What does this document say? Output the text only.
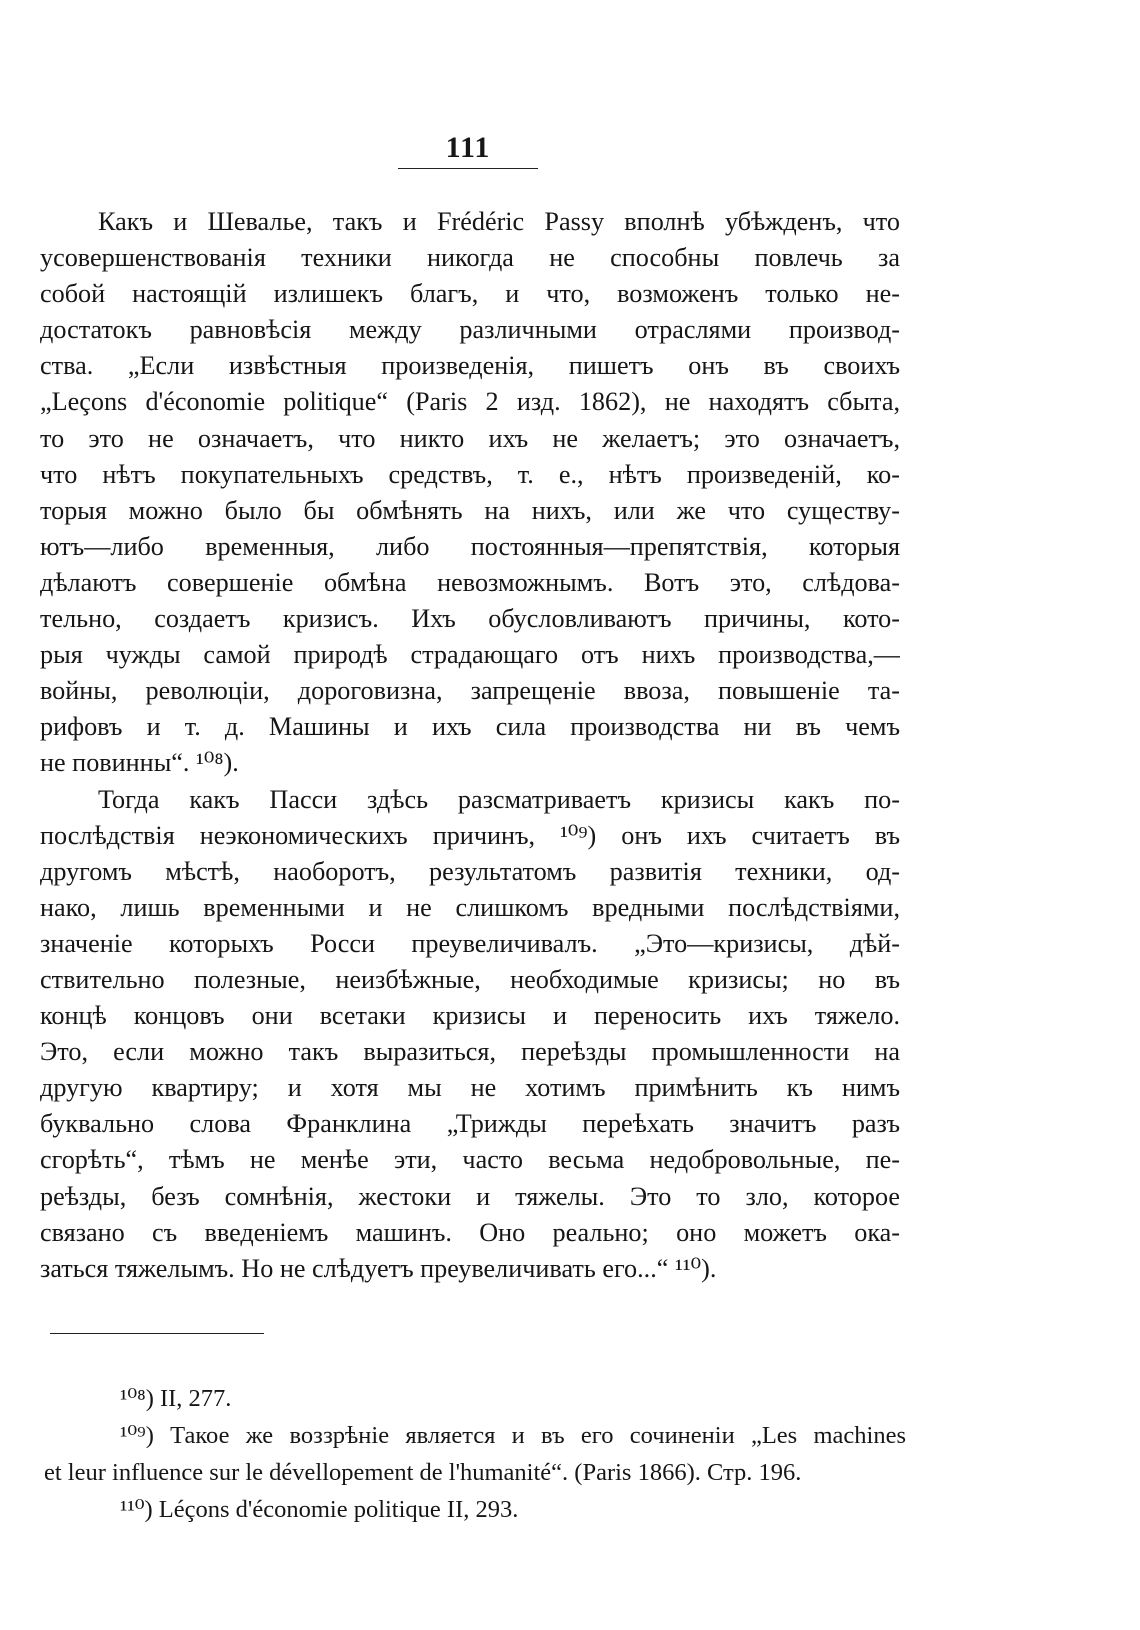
111
Какъ и Шевалье, такъ и Frédéric Passy вполнѣ убѣжденъ, что
усовершенствованія техники никогда не способны повлечь за
собой настоящій излишекъ благъ, и что, возможенъ только не-
достатокъ равновѣсія между различными отраслями производ-
ства. „Если извѣстныя произведенія, пишетъ онъ въ своихъ
„Leçons d'économie politique“ (Paris 2 изд. 1862), не находятъ сбыта,
то это не означаетъ, что никто ихъ не желаетъ; это означаетъ,
что нѣтъ покупательныхъ средствъ, т. е., нѣтъ произведеній, ко-
торыя можно было бы обмѣнять на нихъ, или же что существу-
ютъ—либо временныя, либо постоянныя—препятствія, которыя
дѣлаютъ совершеніе обмѣна невозможнымъ. Вотъ это, слѣдова-
тельно, создаетъ кризисъ. Ихъ обусловливаютъ причины, кото-
рыя чужды самой природѣ страдающаго отъ нихъ производства,—
войны, революціи, дороговизна, запрещеніе ввоза, повышеніе та-
рифовъ и т. д. Машины и ихъ сила производства ни въ чемъ
не повинны“. ¹⁰⁸).
Тогда какъ Пасси здѣсь разсматриваетъ кризисы какъ по-
послѣдствія неэкономическихъ причинъ, ¹⁰⁹) онъ ихъ считаетъ въ
другомъ мѣстѣ, наоборотъ, результатомъ развитія техники, од-
нако, лишь временными и не слишкомъ вредными послѣдствіями,
значеніе которыхъ Росси преувеличивалъ. „Это—кризисы, дѣй-
ствительно полезные, неизбѣжные, необходимые кризисы; но въ
концѣ концовъ они всетаки кризисы и переносить ихъ тяжело.
Это, если можно такъ выразиться, переѣзды промышленности на
другую квартиру; и хотя мы не хотимъ примѣнить къ нимъ
буквально слова Франклина „Трижды переѣхать значитъ разъ
сгорѣть“, тѣмъ не менѣе эти, часто весьма недобровольные, пе-
реѣзды, безъ сомнѣнія, жестоки и тяжелы. Это то зло, которое
связано съ введеніемъ машинъ. Оно реально; оно можетъ ока-
заться тяжелымъ. Но не слѣдуетъ преувеличивать его...“ ¹¹⁰).
¹⁰⁸) II, 277.
¹⁰⁹) Такое же воззрѣніе является и въ его сочиненіи „Les machines
et leur influence sur le dévellopement de l'humanité“. (Paris 1866). Стр. 196.
¹¹⁰) Léçons d'économie politique II, 293.
